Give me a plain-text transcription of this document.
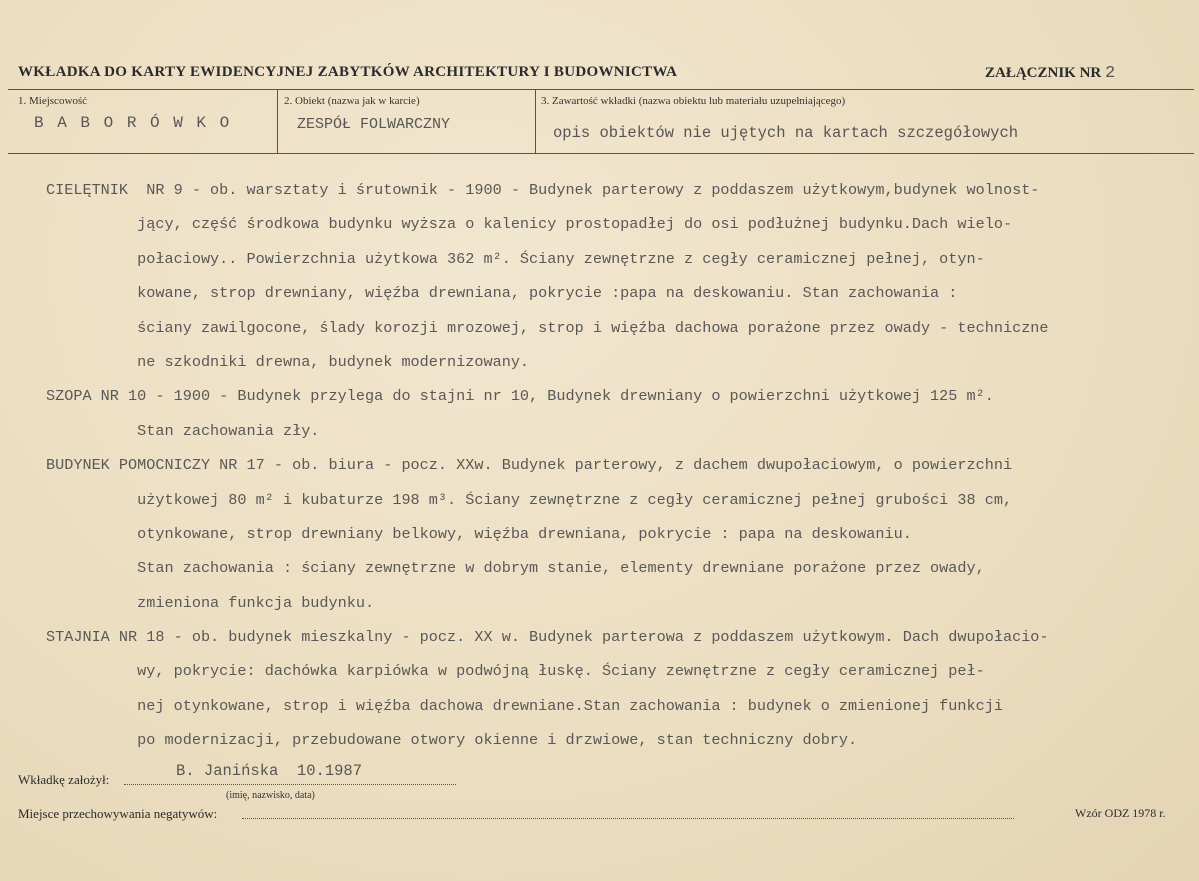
WKŁADKA DO KARTY EWIDENCYJNEJ ZABYTKÓW ARCHITEKTURY I BUDOWNICTWA	ZAŁĄCZNIK NR 2
1. Miejscowość
B A B O R Ó W K O
2. Obiekt (nazwa jak w karcie)
ZESPÓŁ FOLWARCZNY
3. Zawartość wkładki (nazwa obiektu lub materiału uzupełniającego)
opis obiektów nie ujętych na kartach szczegółowych
CIELĘTNIK  NR 9 - ob. warsztaty i śrutownik - 1900 - Budynek parterowy z poddaszem użytkowym,budynek wolnost-
jący, część środkowa budynku wyższa o kalenicy prostopadłej do osi podłużnej budynku.Dach wielo-
połaciowy.. Powierzchnia użytkowa 362 m². Ściany zewnętrzne z cegły ceramicznej pełnej, otyn-
kowane, strop drewniany, więźba drewniana, pokrycie :papa na deskowaniu. Stan zachowania :
ściany zawilgocone, ślady korozji mrozowej, strop i więźba dachowa porażone przez owady - techniczne
ne szkodniki drewna, budynek modernizowany.
SZOPA NR 10 - 1900 - Budynek przylega do stajni nr 10, Budynek drewniany o powierzchni użytkowej 125 m².
Stan zachowania zły.
BUDYNEK POMOCNICZY NR 17 - ob. biura - pocz. XXw. Budynek parterowy, z dachem dwupołaciowym, o powierzchni
użytkowej 80 m² i kubaturze 198 m³. Ściany zewnętrzne z cegły ceramicznej pełnej grubości 38 cm,
otynkowane, strop drewniany belkowy, więźba drewniana, pokrycie : papa na deskowaniu.
Stan zachowania : ściany zewnętrzne w dobrym stanie, elementy drewniane porażone przez owady,
zmieniona funkcja budynku.
STAJNIA NR 18 - ob. budynek mieszkalny - pocz. XX w. Budynek parterowa z poddaszem użytkowym. Dach dwupołacio-
wy, pokrycie: dachówka karpiówka w podwójną łuskę. Ściany zewnętrzne z cegły ceramicznej peł-
nej otynkowane, strop i więźba dachowa drewniane.Stan zachowania : budynek o zmienionej funkcji
po modernizacji, przebudowane otwory okienne i drzwiowe, stan techniczny dobry.
Wkładkę założył:	B. Janińska  10.1987
(imię, nazwisko, data)
Miejsce przechowywania negatywów:	Wzór ODZ 1978 r.
